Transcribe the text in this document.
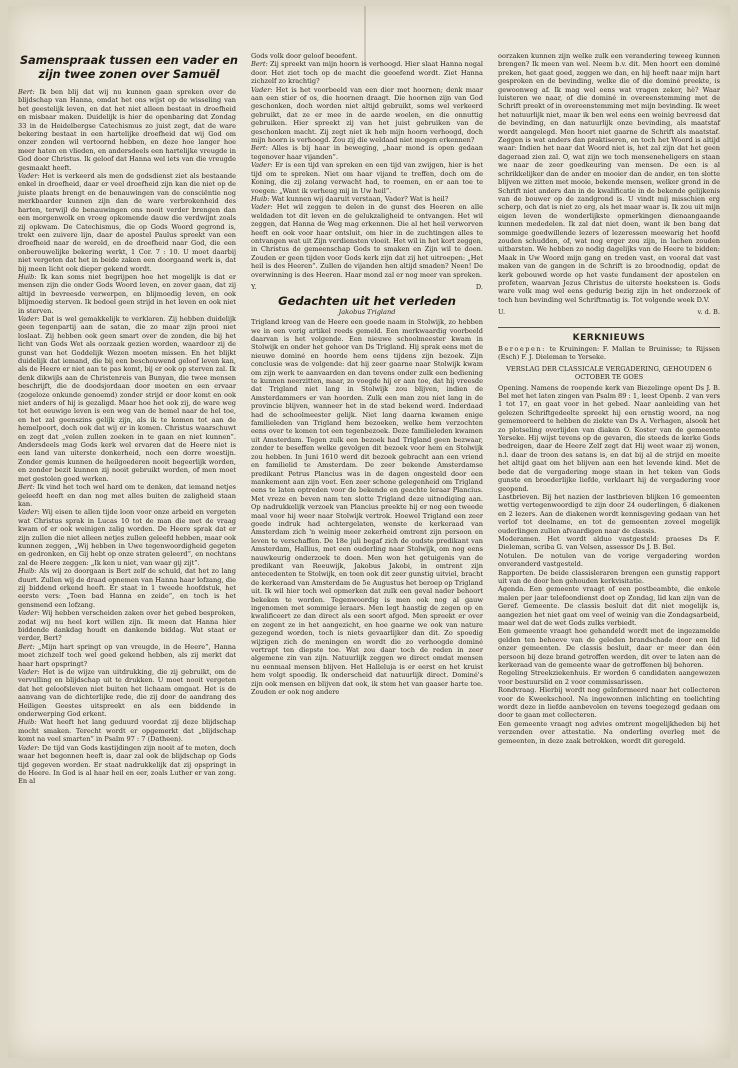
Samenspraak tussen een vader en zijn twee zonen over Samuël

Bert: Ik ben blij dat wij nu kunnen gaan spreken over de blijdschap van Hanna, omdat het ons wijst op de wisseling van het geestelijk leven, en dat het niet alleen bestaat in droefheid en misbaar maken. Duidelijk is hier de openbaring dat Zondag 33 in de Heidelbergse Catechismus zo juist zegt, dat de ware bekering bestaat in een hartelijke droefheid dat wij God om onzer zonden wil vertoornd hebben, en deze hoe langer hoe meer haten en vlieden, en andersdeels een hartelijke vreugde in God door Christus. Ik geloof dat Hanna wel iets van die vreugde gesmaakt heeft.

Vader: Het is verkeerd als men de godsdienst ziet als bestaande enkel in droefheid, daar er veel droefheid zijn kan die niet op de juiste plaats brengt en de benauwingen van de consciëntie nog merkbaarder kunnen zijn dan de ware verbrokenheid des harten, terwijl de benauwingen ons nooit verder brengen dan een morgenwolk en vroeg opkomende dauw die verdwijnt zoals zij opkwam. De Catechismus, die op Gods Woord gegrond is, trekt een zuivere lijn, daar de apostel Paulus spreekt van een droefheid naar de wereld, en de droefheid naar God, die een onberouwelijke bekering werkt, 1 Cor. 7 : 10. U moet daarbij niet vergeten dat het in beide zaken een doorgaand werk is, dat bij meen licht ook dieper gekend wordt.

Huib: Ik kan soms niet begrijpen hoe het mogelijk is dat er mensen zijn die onder Gods Woord leven, en zover gaan, dat zij altijd in bevreesde verwerpen, en blijmoedig leven, en ook blijmoedig sterven. Ik bedoel geen strijd in het leven en ook niet in sterven.

Vader: Dat is wel gemakkelijk te verklaren. Zij hebben duidelijk geen tegenpartij aan de satan, die zo maar zijn prooi niet loslaat. Zij hebben ook geen smart over de zonden, die bij het licht van Gods Wet als oorzaak gezien worden, waardoor zij de gunst van het Goddelijk Wezen moeten missen. En het blijkt duidelijk dat iemand, die bij een beschouwend geloof leven kan, als de Heere er niet aan te pas komt, bij er ook op sterven zal. Ik denk dikwijls aan de Christenreis van Bunyan, die twee mensen beschrijft, die de doodsjordaan door moeten en een ervaar (zogeloze onkunde genoemd) zonder strijd er door komt en ook niet anders of hij is gezaligd. Maar hoe het ook zij, de ware weg tot het eeuwige leven is een weg van de hemel naar de hel toe, en het zal geenszins gelijk zijn, als ik te komen tot aan de hemelpoort, doch ook dat wij er in komen. Christus waarschuwt en zegt dat „velen zullen zoeken in te gaan en niet kunnen”. Andersdeels mag Gods kerk wel ervaren dat de Heere niet is een land van uiterste donkerheid, noch een dorre woestijn. Zonder gemis kunnen de heilgoederen nooit begeerlijk worden, en zonder bezit kunnen zij nooit gebruikt worden, of men moet met gestolen goed werken.

Bert: Ik vind het toch wel hard om te denken, dat iemand netjes geleefd heeft en dan nog met alles buiten de zaligheid staan kan.

Vader: Wij eisen te allen tijde loon voor onze arbeid en vergeten wat Christus sprak in Lucas 10 tot de man die met de vraag kwam of er ook weinigen zalig worden. De Heere sprak dat er zijn zullen die niet alleen netjes zullen geleefd hebben, maar ook kunnen zeggen, „Wij hebben in Uwe tegenwoordigheid gegeten en gedronken, en Gij hebt op onze straten geleerd”, en nochtans zal de Heere zeggen: „Ik ken u niet, van waar gij zijt”.

Huib: Als wij zo doorgaan is Bert zelf de schuld, dat het zo lang duurt. Zullen wij de draad opnemen van Hanna haar lofzang, die zij biddend erkend heeft. Er staat in 1 tweede hoofdstuk, het eerste vers: „Toen bad Hanna en zeide”, en toch is het gensmend een lofzang.

Vader: Wij hebben verscheiden zaken over het gebed besproken, zodat wij nu heel kort willen zijn. Ik meen dat Hanna hier biddende dankdag houdt en dankende biddag. Wat staat er verder, Bert?

Bert: „Mijn hart springt op van vreugde, in de Heere”, Hanna moet zichzelf toch wel goed gekend hebben, als zij merkt dat haar hart opspringt?

Vader: Het is de wijze van uitdrukking, die zij gebruikt, om de vervulling en blijdschap uit te drukken. U moet nooit vergeten dat het geloofsleven niet buiten het lichaam omgaat. Het is de aanvang van de dichterlijke rede, die zij door de aandrang des Heiligen Geestes uitspreekt en als een biddende in onderwerping God erkent.

Huib: Wat heeft het lang geduurd voordat zij deze blijdschap mocht smaken. Terecht wordt er opgemerkt dat „blijdschap komt na veel smarten” in Psalm 97 : 7 (Datheen).

Vader: De tijd van Gods kastijdingen zijn nooit af te meten, doch waar het begonnen heeft is, daar zal ook de blijdschap op Gods tijd gegeven worden. Er staat nadrukkelijk dat zij opspringt in de Heere. In God is al haar heil en eer, zoals Luther er van zong. En al

Gods volk door geloof beoefent.

Bert: Zij spreekt van mijn hoorn is verhoogd. Hier slaat Hanna nogal door. Het ziet toch op de macht die geoefend wordt. Ziet Hanna zichzelf zo krachtig?

Vader: Het is het voorbeeld van een dier met hoornen; denk maar aan een stier of os, die hoornen draagt. Die hoornen zijn van God geschonken, doch worden niet altijd gebruikt, soms wel verkeerd gebruikt, dat ze er mee in de aarde woelen, en die onnuttig gebruiken. Hier spreekt zij van het juist gebruiken van de geschonken macht. Zij zegt niet ik heb mijn hoorn verhoogd, doch mijn hoorn is verhoogd. Zou zij die weldaad niet mogen erkennen?

Bert: Alles is bij haar in beweging, „haar mond is open gedaan tegenover haar vijanden”.

Vader: Er is een tijd van spreken en een tijd van zwijgen, hier is het tijd om te spreken. Niet om haar vijand te treffen, doch om de Koning, die zij zolang verwacht had, te roemen, en er aan toe te voegen: „Want ik verheug mij in Uw heil”.

Huib: Wat kunnen wij daaruit verstaan, Vader? Wat is heil?

Vader: Het wil zeggen te delen in de gunst des Heeren en alle weldaden tot dit leven en de gelukzaligheid te ontvangen. Het wil zeggen, dat Hanna de Weg mag erkennen. Die al het heil verworven heeft en ook voor haar ontsluit, om hier in de zuchtingen alles te ontvangen wat uit Zijn verdiensten vloeit. Het wil in het kort zeggen, in Christus de gemeenschap Gods te smaken en Zijn wil te doen. Zouden er geen tijden voor Gods kerk zijn dat zij het uitroepen: „Het heil is des Heeren”. Zullen de vijanden hen altijd smaden? Neen! De overwinning is des Heeren. Haar mond zal er nog meer van spreken.

Y.	D.
Gedachten uit het verleden
Jakobus Trigland

Trigland kreeg van de Heere een goede naam in Stolwijk, zo hebben we in een vorig artikel reeds gemeld. Een merkwaardig voorbeeld daarvan is het volgende. Een nieuwe schoolmeester kwam in Stolwijk en onder het gehoor van Ds Trigland. Hij sprak eens met de nieuwe dominé en hoorde hem eens tijdens zijn bezoek. Zijn conclusie was de volgende: dat hij zeer gaarne naar Stolwijk kwam om zijn werk te aanvaarden en dan tevens onder zulk een bediening te kunnen neerzitten, maar, zo voegde hij er aan toe, dat hij vreesde dat Trigland niet lang in Stolwijk zou blijven, indien de Amsterdammers er van hoorden. Zulk een man zou niet lang in de provincie blijven, wanneer het in de stad bekend werd. Inderdaad had de schoolmeester gelijk. Niet lang daarna kwamen enige familieleden van Trigland hem bezoeken, welke hem verzochten eens over te komen tot een tegenbezoek. Deze familieleden kwamen uit Amsterdam. Tegen zulk een bezoek had Trigland geen bezwaar, zonder te beseffen welke gevolgen dit bezoek voor hem en Stolwijk zou hebben. In Juni 1610 werd dit bezoek gebracht aan een vriend en familielid te Amsterdam. De zeer bekende Amsterdamse predikant Petrus Plancius was in de dagen ongesteld door een mankement aan zijn voet. Een zeer schone gelegenheid om Trigland eens te laten optreden voor de bekende en geachte leraar Plancius. Met vreze en beven nam ten slotte Trigland deze uitnodiging aan. Op nadrukkelijk verzoek van Plancius preekte hij er nog een tweede maal voor hij weer naar Stolwijk vertrok. Hoewel Trigland een zeer goede indruk had achtergelaten, wenste de kerkeraad van Amsterdam zich 'n weinig meer zekerheid omtrent zijn persoon en leven te verschaffen. De 18e juli begaf zich de oudste predikant van Amsterdam, Hallius, met een ouderling naar Stolwijk, om nog eens nauwkeurig onderzoek te doen. Men won het getuigenis van de predikant van Reeuwijk, Jakobus Jakobi, in omtrent zijn antecedenten te Stolwijk, en toen ook dit zeer gunstig uitviel, bracht de kerkeraad van Amsterdam de 5e Augustus het beroep op Trigland uit. Ik wil hier toch wel opmerken dat zulk een geval nader behoort bekeken te worden. Tegenwoordig is men ook nog al gauw ingenomen met sommige leraars. Men legt haastig de zegen op en kwalificeert ze dan direct als een soort afgod. Men spreekt er over en zegent ze in het aangezicht, en hoe gaarne we ook van nature gezegend worden, toch is niets gevaarlijker dan dit. Zo spoedig wijzigen zich de meningen en wordt die zo verhoogde dominé vertrapt ten diepste toe. Wat zou daar toch de reden in zeer algemene zin van zijn. Natuurlijk zeggen we direct omdat mensen nu eenmaal mensen blijven. Het Halleluja is er eerst en het kruist hem volgt spoedig. Ik onderscheid dat natuurlijk direct. Dominé's zijn ook mensen en blijven dat ook, ik stem het van gaaser harte toe. Zouden er ook nog andere

oorzaken kunnen zijn welke zulk een verandering teweeg kunnen brengen? Ik meen van wel. Neem b.v. dit. Men hoort een dominé preken, het gaat goed, zeggen we dan, en hij heeft naar mijn hart gesproken en de bevinding, welke die of die dominé preekte, is gewoonweg af. Ik mag wel eens wat vragen zeker, hè? Waar luisteren we naar, of die dominé in overeenstemming met de Schrift preekt of in overeenstemming met mijn bevinding. Ik weet het natuurlijk niet, maar ik ben wel eens een weinig bevreesd dat de bevinding, en dan natuurlijk onze bevinding, als maatstaf wordt aangelegd. Men hoort niet gaarne de Schrift als maatstaf. Zeggen is wat anders dan praktiseren, en toch het Woord is altijd waar: Indien het naar dat Woord niet is, het zal zijn dat het geen dageraad zien zal. O, wat zijn we toch menseneheligers en staan we naar de zeer goedkeuring van mensen. De een is al schrikkelijker dan de ander en mooier dan de ander, en ten slotte blijven we zitten met mooie, bekende mensen, welker grond in de Schrift niet anders dan in de kwalificatie in de bekende gelijkenis van de bouwer op de zandgrond is. U vindt mij misschien erg scherp, och dat is niet zo erg, als het maar waar is. Ik zou uit mijn eigen leven de wonderlijkste opmerkingen dienaangaande kunnen mededelen. Ik zal dat niet doen, want ik ben bang dat sommige goedwillende lezers of lezeressen meewarig het hoofd zouden schudden, of, wat nog erger zou zijn, in lachen zouden uitbarsten. We hebben zo nodig dagelijks van de Heere te bidden: Maak in Uw Woord mijn gang en treden vast, en vooral dat vast maken van de gangen in de Schrift is zo broodnodig, opdat de kerk gebouwd worde op het vaste fundament der apostelen en profeten, waarvan Jezus Christus de uiterste hoeksteen is. Gods ware volk mag wel eens gedurig bezig zijn in het onderzoek of toch hun bevinding wel Schriftmatig is. Tot volgende week D.V.

U.	v. d. B.
KERKNIEUWS

Beroepen: te Kruiningen: F. Mallan te Bruinisse; te Rijssen (Esch) F. J. Dieleman te Yerseke.

VERSLAG DER CLASSICALE VERGADERING, GEHOUDEN 6 OCTOBER TE GOES

Opening. Namens de roepende kerk van Biezelinge opent Ds J. B. Bel met het laten zingen van Psalm 89 : 1, leest Openb. 2 van vers 1 tot 17, en gaat voor in het gebed. Naar aanleiding van het gelezen Schriftgedeelte spreekt hij een ernstig woord, na nog gememoreerd te hebben de ziekte van Ds A. Verhagen, alsook het zo plotseling overlijden van diaken O. Koster van de gemeente Yerseke. Hij wijst tevens op de gevaren, die steeds de kerke Gods bedreigen, daar de Heere Zelf zegt dat Hij weet waar zij wonen, n.l. daar de troon des satans is, en dat bij al de strijd en moeite het altijd gaat om het blijven aan een het levende kind. Met de bede dat de vergadering moge staan in het teken van Gods gunste en broederlijke liefde, verklaart hij de vergadering voor geopend.

Lastbrieven. Bij het nazien der lastbrieven blijken 16 gemeenten wettig vertegenwoordigd te zijn door 24 ouderlingen, 6 diakenen en 2 lezers. Aan de diakenen wordt kennisgeving gedaan van het verlof tot deelname, en tot de gemeenten zoveel mogelijk ouderlingen zullen afvaardigen naar de classis.

Moderamen. Het wordt alduo vastgesteld: praeses Ds F. Dieleman, scriba G. van Velsen, assessor Ds J. B. Bel.

Notulen. De notulen van de vorige vergadering worden onveranderd vastgesteld.

Rapporten. De beide classisleraren brengen een gunstig rapport uit van de door hen gehouden kerkvisitatie.

Agenda. Een gemeente vraagt of een postbeambte, die enkele malen per jaar telefoondienst doet op Zondag, lid kan zijn van de Geref. Gemeente. De classis besluit dat dit niet mogelijk is, aangezien het niet gaat om veel of weinig van die Zondagsarbeid, maar wel dat de wet Gods zulks verbiedt.

Een gemeente vraagt hoe gehandeld wordt met de ingezamelde gelden ten behoeve van de geleden brandschade door een lid onzer gemeenten. De classis besluit, daar er meer dan één persoon bij deze brand getroffen werden, dit over te laten aan de kerkeraad van de gemeente waar de getroffenen bij behoren.

Regeling Streekziekenhuis. Er worden 6 candidaten aangewezen voor bestuurslid en 2 voor commissarissen.

Rondvraag. Hierbij wordt nog geïnformeerd naar het collecteren voor de Kweekschool. Na ingewonnen inlichting en toelichting wordt deze in liefde aanbevolen en tevens toegezegd gedaan om door te gaan met collecteren.

Een gemeente vraagt nog advies omtrent mogelijkheden bij het verzenden over attestatie. Na onderling overleg met de gemeenten, in deze zaak betrokken, wordt dit geregeld.
